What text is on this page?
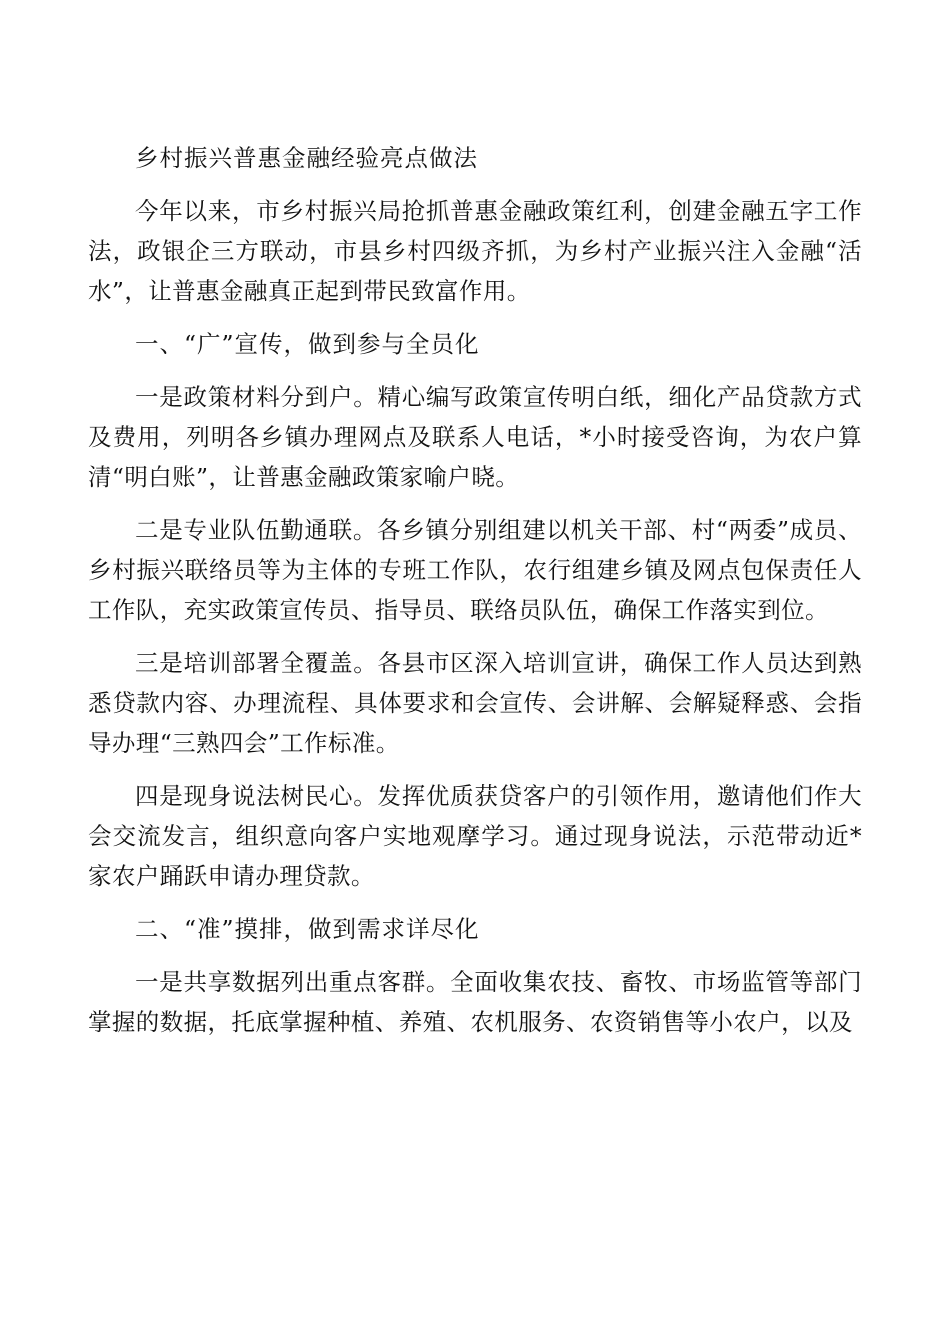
乡村振兴普惠金融经验亮点做法

今年以来，市乡村振兴局抢抓普惠金融政策红利，创建金融五字工作法，政银企三方联动，市县乡村四级齐抓，为乡村产业振兴注入金融“活水”，让普惠金融真正起到带民致富作用。

一、“广”宣传，做到参与全员化

一是政策材料分到户。精心编写政策宣传明白纸，细化产品贷款方式及费用，列明各乡镇办理网点及联系人电话，*小时接受咨询，为农户算清“明白账”，让普惠金融政策家喻户晓。

二是专业队伍勤通联。各乡镇分别组建以机关干部、村“两委”成员、乡村振兴联络员等为主体的专班工作队，农行组建乡镇及网点包保责任人工作队，充实政策宣传员、指导员、联络员队伍，确保工作落实到位。

三是培训部署全覆盖。各县市区深入培训宣讲，确保工作人员达到熟悉贷款内容、办理流程、具体要求和会宣传、会讲解、会解疑释惑、会指导办理“三熟四会”工作标准。

四是现身说法树民心。发挥优质获贷客户的引领作用，邀请他们作大会交流发言，组织意向客户实地观摩学习。通过现身说法，示范带动近*家农户踊跃申请办理贷款。

二、“准”摸排，做到需求详尽化

一是共享数据列出重点客群。全面收集农技、畜牧、市场监管等部门掌握的数据，托底掌握种植、养殖、农机服务、农资销售等小农户，以及
